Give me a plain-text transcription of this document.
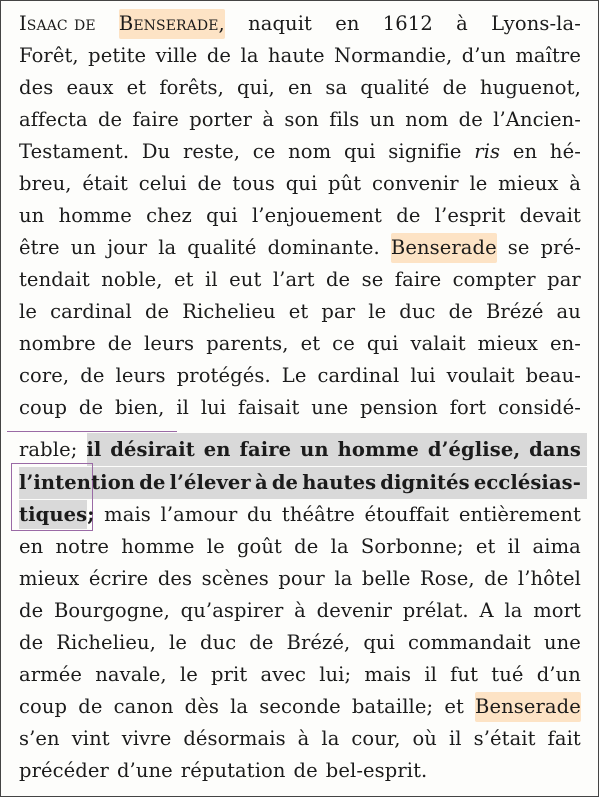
Isaac de Benserade, naquit en 1612 à Lyons-la-
Forêt, petite ville de la haute Normandie, d’un maître
des eaux et forêts, qui, en sa qualité de huguenot,
affecta de faire porter à son fils un nom de l’Ancien-
Testament. Du reste, ce nom qui signifie ris en hé-
breu, était celui de tous qui pût convenir le mieux à
un homme chez qui l’enjouement de l’esprit devait
être un jour la qualité dominante. Benserade se pré-
tendait noble, et il eut l’art de se faire compter par
le cardinal de Richelieu et par le duc de Brézé au
nombre de leurs parents, et ce qui valait mieux en-
core, de leurs protégés. Le cardinal lui voulait beau-
coup de bien, il lui faisait une pension fort considé-
rable; il désirait en faire un homme d’église, dans
l’intention de l’élever à de hautes dignités ecclésias-
tiques; mais l’amour du théâtre étouffait entièrement
en notre homme le goût de la Sorbonne; et il aima
mieux écrire des scènes pour la belle Rose, de l’hôtel
de Bourgogne, qu’aspirer à devenir prélat. A la mort
de Richelieu, le duc de Brézé, qui commandait une
armée navale, le prit avec lui; mais il fut tué d’un
coup de canon dès la seconde bataille; et Benserade
s’en vint vivre désormais à la cour, où il s’était fait
précéder d’une réputation de bel-esprit.
